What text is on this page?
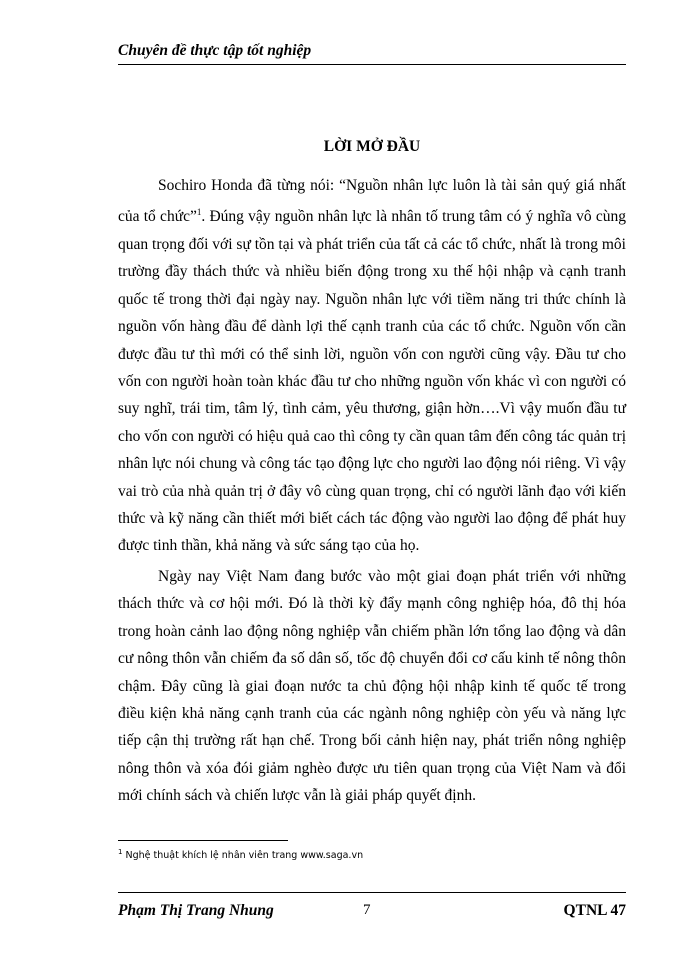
Chuyên đề thực tập tốt nghiệp
LỜI MỞ ĐẦU

Sochiro Honda đã từng nói: “Nguồn nhân lực luôn là tài sản quý giá nhất của tổ chức”$^1$. Đúng vậy nguồn nhân lực là nhân tố trung tâm có ý nghĩa vô cùng quan trọng đối với sự tồn tại và phát triển của tất cả các tổ chức, nhất là trong môi trường đầy thách thức và nhiều biến động trong xu thế hội nhập và cạnh tranh quốc tế trong thời đại ngày nay. Nguồn nhân lực với tiềm năng tri thức chính là nguồn vốn hàng đầu để dành lợi thế cạnh tranh của các tổ chức. Nguồn vốn cần được đầu tư thì mới có thể sinh lời, nguồn vốn con người cũng vậy. Đầu tư cho vốn con người hoàn toàn khác đầu tư cho những nguồn vốn khác vì con người có suy nghĩ, trái tim, tâm lý, tình cảm, yêu thương, giận hờn….Vì vậy muốn đầu tư cho vốn con người có hiệu quả cao thì công ty cần quan tâm đến công tác quản trị nhân lực nói chung và công tác tạo động lực cho người lao động nói riêng. Vì vậy vai trò của nhà quản trị ở đây vô cùng quan trọng, chỉ có người lãnh đạo với kiến thức và kỹ năng cần thiết mới biết cách tác động vào người lao động để phát huy được tinh thần, khả năng và sức sáng tạo của họ.

Ngày nay Việt Nam đang bước vào một giai đoạn phát triển với những thách thức và cơ hội mới. Đó là thời kỳ đẩy mạnh công nghiệp hóa, đô thị hóa trong hoàn cảnh lao động nông nghiệp vẫn chiếm phần lớn tổng lao động và dân cư nông thôn vẫn chiếm đa số dân số, tốc độ chuyển đổi cơ cấu kinh tế nông thôn chậm. Đây cũng là giai đoạn nước ta chủ động hội nhập kinh tế quốc tế trong điều kiện khả năng cạnh tranh của các ngành nông nghiệp còn yếu và năng lực tiếp cận thị trường rất hạn chế. Trong bối cảnh hiện nay, phát triển nông nghiệp nông thôn và xóa đói giảm nghèo được ưu tiên quan trọng của Việt Nam và đổi mới chính sách và chiến lược vẫn là giải pháp quyết định.

$^1$ Nghệ thuật khích lệ nhân viên trang www.saga.vn
Phạm Thị Trang Nhung	7	QTNL 47
